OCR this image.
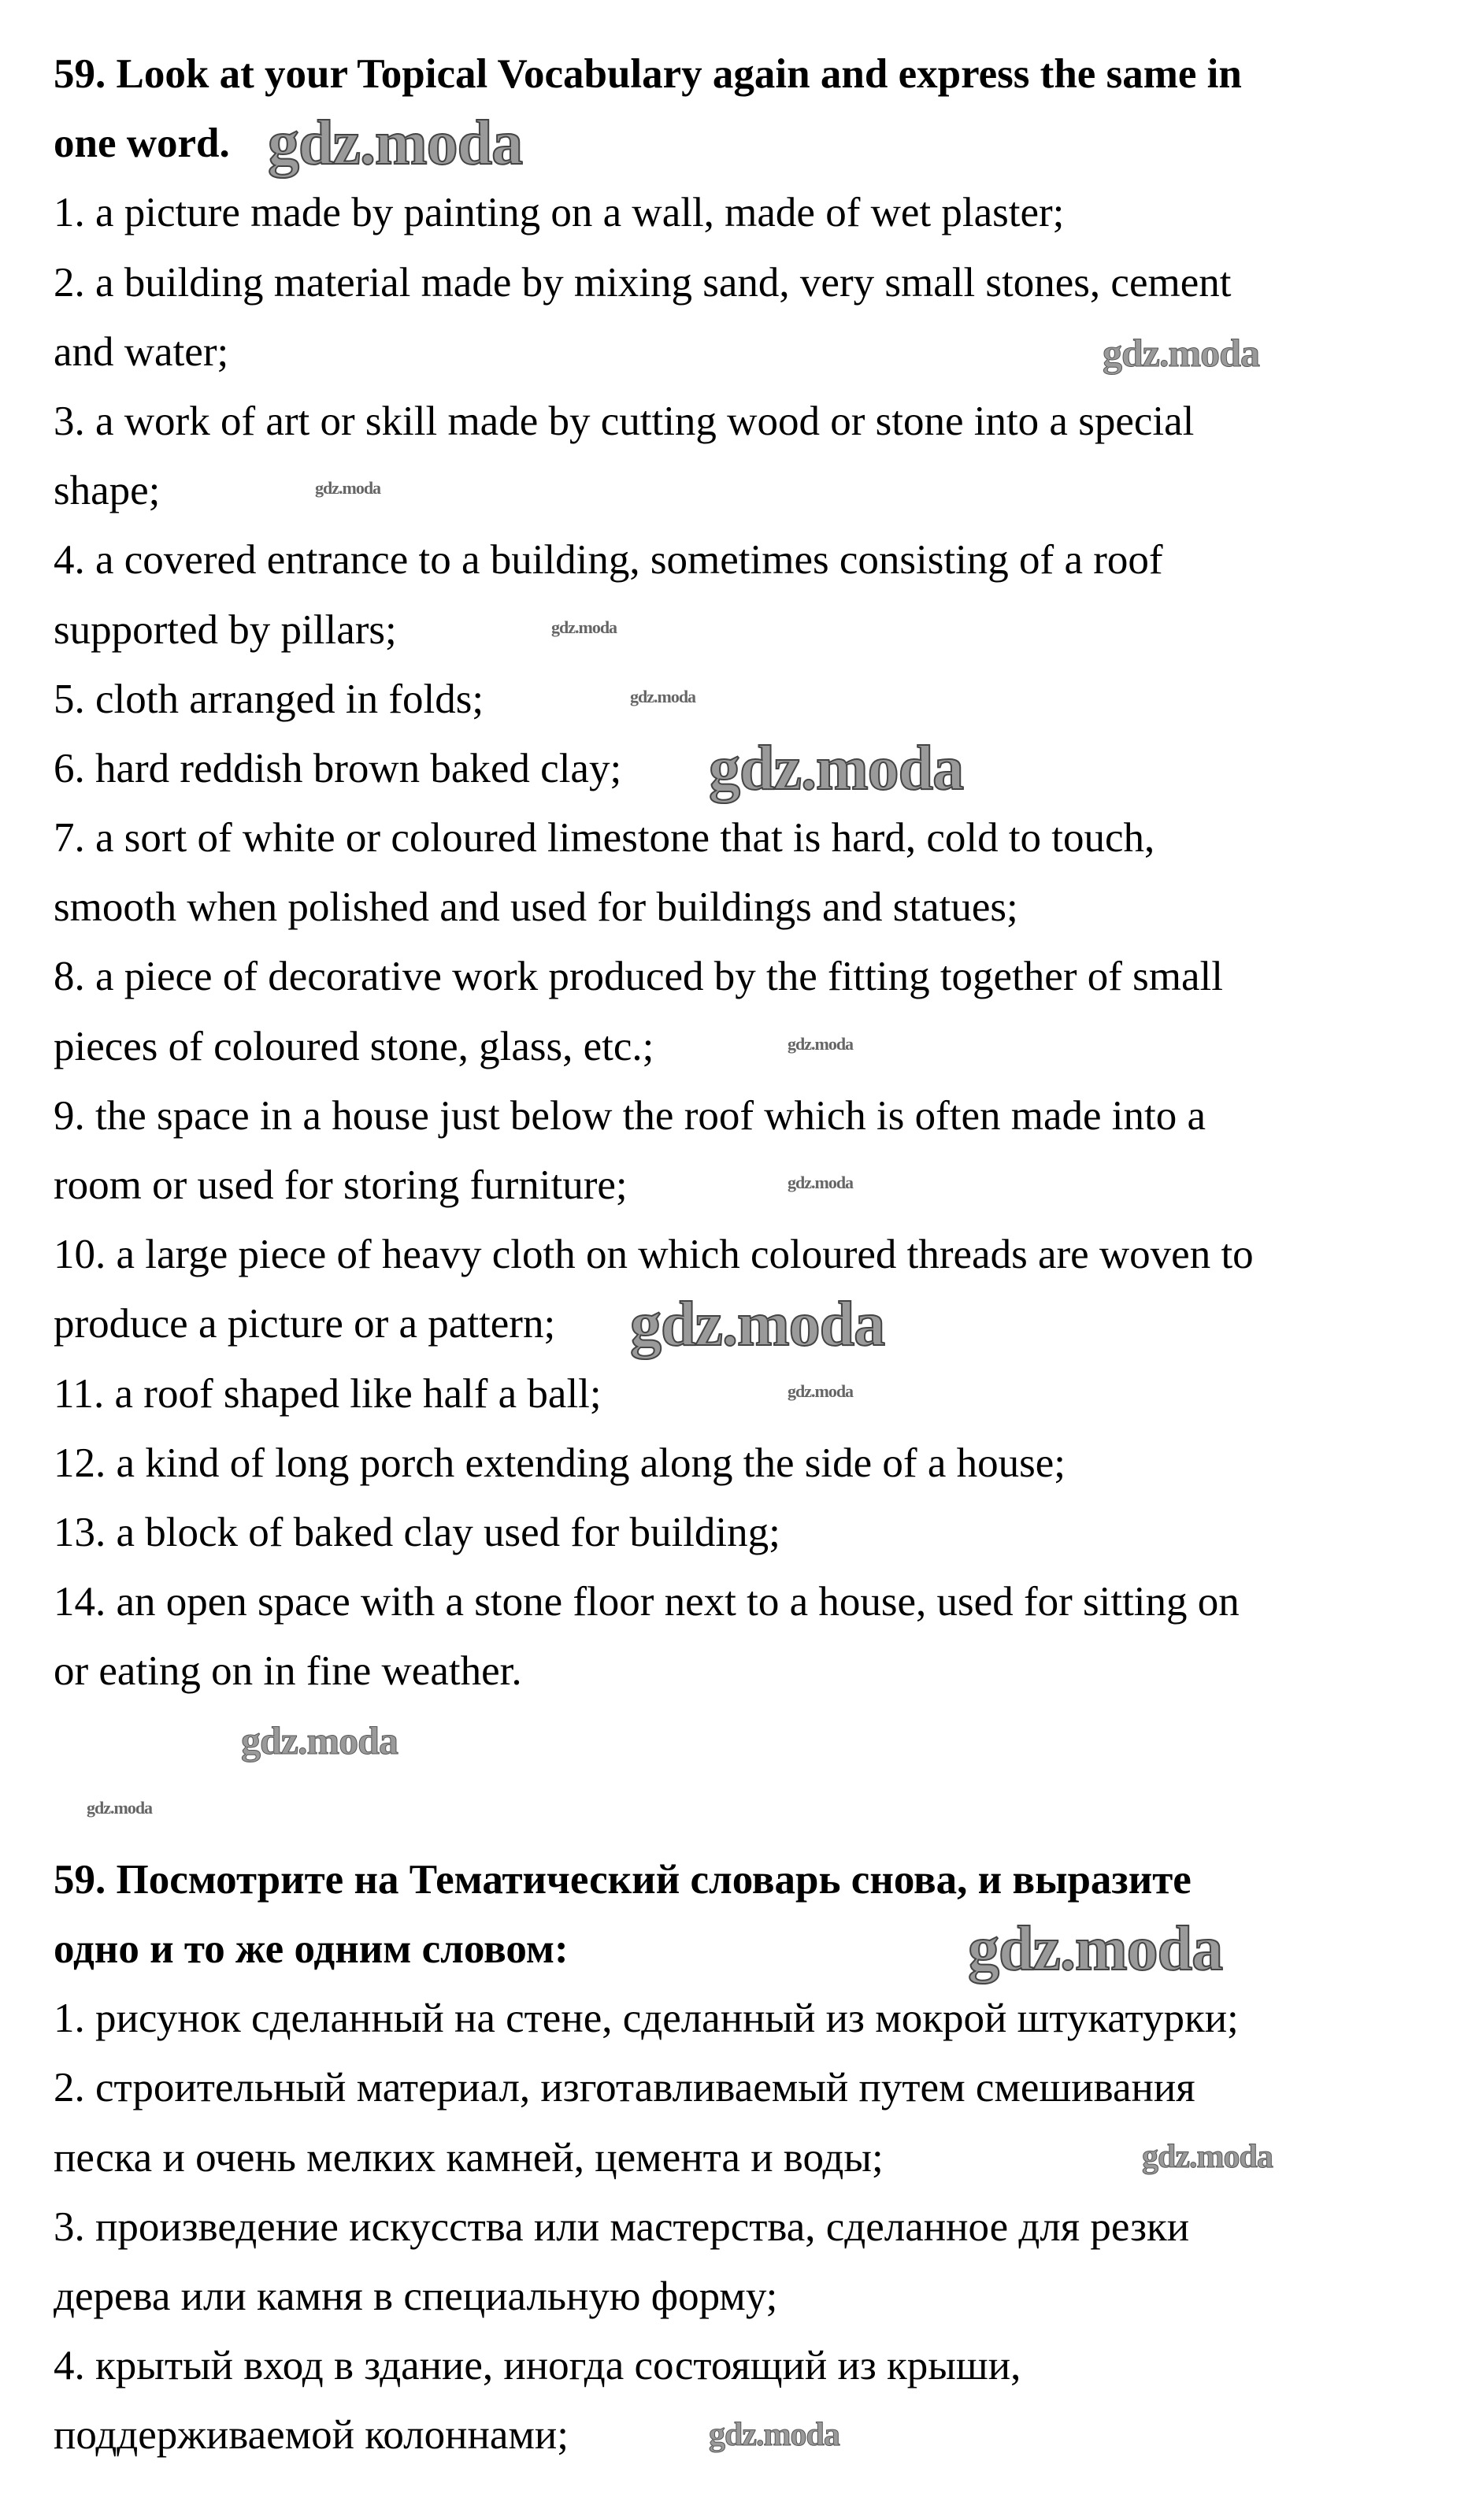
59. Look at your Topical Vocabulary again and express the same in
one word.
1. a picture made by painting on a wall, made of wet plaster;
2. a building material made by mixing sand, very small stones, cement
and water;
3. a work of art or skill made by cutting wood or stone into a special
shape;
4. a covered entrance to a building, sometimes consisting of a roof
supported by pillars;
5. cloth arranged in folds;
6. hard reddish brown baked clay;
7. a sort of white or coloured limestone that is hard, cold to touch,
smooth when polished and used for buildings and statues;
8. a piece of decorative work produced by the fitting together of small
pieces of coloured stone, glass, etc.;
9. the space in a house just below the roof which is often made into a
room or used for storing furniture;
10. a large piece of heavy cloth on which coloured threads are woven to
produce a picture or a pattern;
11. a roof shaped like half a ball;
12. a kind of long porch extending along the side of a house;
13. a block of baked clay used for building;
14. an open space with a stone floor next to a house, used for sitting on
or eating on in fine weather.
59. Посмотрите на Тематический словарь снова, и выразите
одно и то же одним словом:
1. рисунок сделанный на стене, сделанный из мокрой штукатурки;
2. строительный материал, изготавливаемый путем смешивания
песка и очень мелких камней, цемента и воды;
3. произведение искусства или мастерства, сделанное для резки
дерева или камня в специальную форму;
4. крытый вход в здание, иногда состоящий из крыши,
поддерживаемой колоннами;
gdz.moda
gdz.moda
gdz.moda
gdz.moda
gdz.moda
gdz.moda
gdz.moda
gdz.moda
gdz.moda
gdz.moda
gdz.moda
gdz.moda
gdz.moda
gdz.moda
gdz.moda
